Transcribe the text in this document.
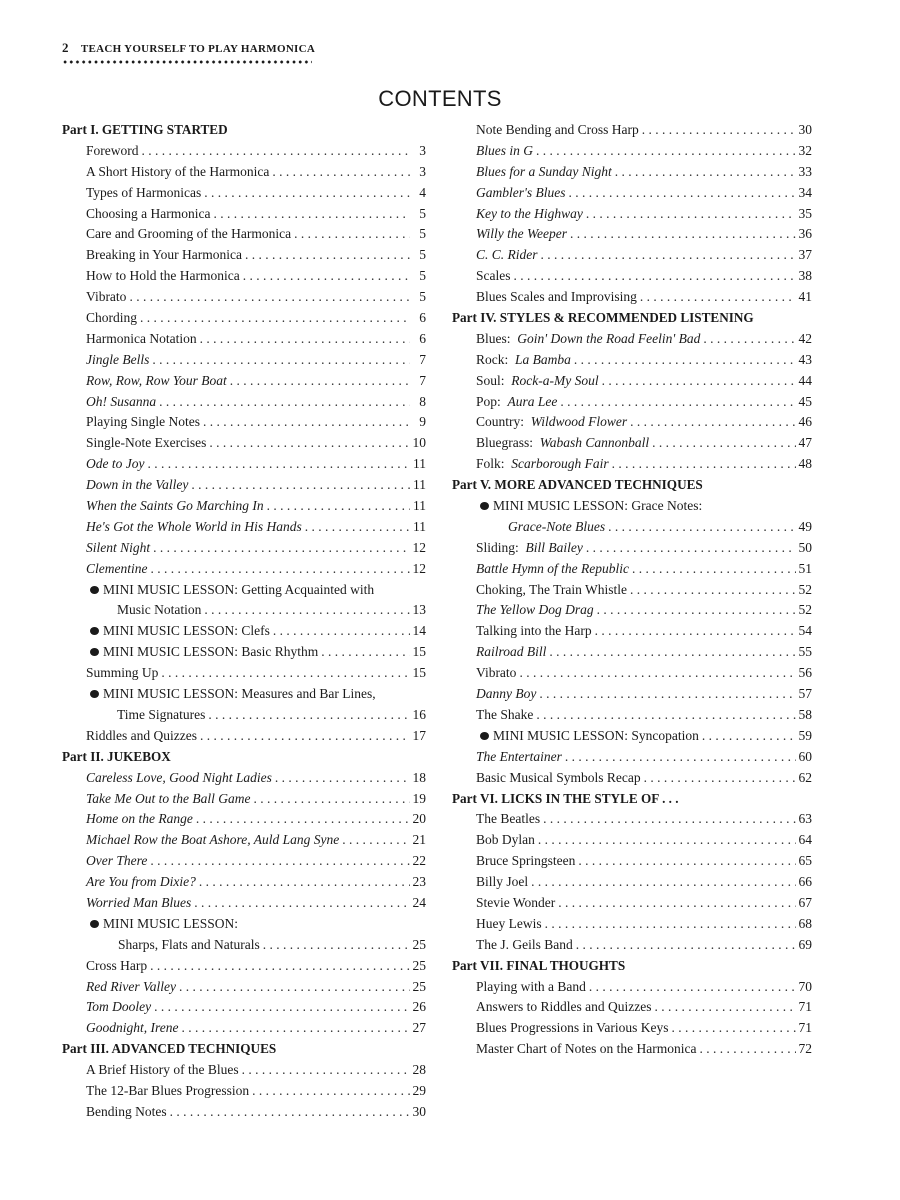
2 TEACH YOURSELF TO PLAY HARMONICA
CONTENTS
Part I. GETTING STARTED
Foreword . . .	3
A Short History of the Harmonica . . .	3
Types of Harmonicas . . .	4
Choosing a Harmonica . . .	5
Care and Grooming of the Harmonica . . .	5
Breaking in Your Harmonica . . .	5
How to Hold the Harmonica . . .	5
Vibrato . . .	5
Chording . . .	6
Harmonica Notation . . .	6
Jingle Bells . . .	7
Row, Row, Row Your Boat . . .	7
Oh! Susanna . . .	8
Playing Single Notes . . .	9
Single-Note Exercises . . .	10
Ode to Joy . . .	11
Down in the Valley . . .	11
When the Saints Go Marching In . . .	11
He's Got the Whole World in His Hands . . .	11
Silent Night . . .	12
Clementine . . .	12
MINI MUSIC LESSON: Getting Acquainted with
Music Notation . . .	13
MINI MUSIC LESSON: Clefs . . .	14
MINI MUSIC LESSON: Basic Rhythm . . .	15
Summing Up . . .	15
MINI MUSIC LESSON: Measures and Bar Lines,
Time Signatures . . .	16
Riddles and Quizzes . . .	17
Part II. JUKEBOX
Careless Love, Good Night Ladies . . .	18
Take Me Out to the Ball Game . . .	19
Home on the Range . . .	20
Michael Row the Boat Ashore, Auld Lang Syne . . .	21
Over There . . .	22
Are You from Dixie? . . .	23
Worried Man Blues . . .	24
MINI MUSIC LESSON:
Sharps, Flats and Naturals . . .	25
Cross Harp . . .	25
Red River Valley . . .	25
Tom Dooley . . .	26
Goodnight, Irene . . .	27
Part III. ADVANCED TECHNIQUES
A Brief History of the Blues . . .	28
The 12-Bar Blues Progression . . .	29
Bending Notes . . .	30
Note Bending and Cross Harp . . .	30
Blues in G . . .	32
Blues for a Sunday Night . . .	33
Gambler's Blues . . .	34
Key to the Highway . . .	35
Willy the Weeper . . .	36
C. C. Rider . . .	37
Scales . . .	38
Blues Scales and Improvising . . .	41
Part IV. STYLES & RECOMMENDED LISTENING
Blues: Goin' Down the Road Feelin' Bad . . .	42
Rock: La Bamba . . .	43
Soul: Rock-a-My Soul . . .	44
Pop: Aura Lee . . .	45
Country: Wildwood Flower . . .	46
Bluegrass: Wabash Cannonball . . .	47
Folk: Scarborough Fair . . .	48
Part V. MORE ADVANCED TECHNIQUES
MINI MUSIC LESSON: Grace Notes:
Grace-Note Blues . . .	49
Sliding: Bill Bailey . . .	50
Battle Hymn of the Republic . . .	51
Choking, The Train Whistle . . .	52
The Yellow Dog Drag . . .	52
Talking into the Harp . . .	54
Railroad Bill . . .	55
Vibrato . . .	56
Danny Boy . . .	57
The Shake . . .	58
MINI MUSIC LESSON: Syncopation . . .	59
The Entertainer . . .	60
Basic Musical Symbols Recap . . .	62
Part VI. LICKS IN THE STYLE OF . . .
The Beatles . . .	63
Bob Dylan . . .	64
Bruce Springsteen . . .	65
Billy Joel . . .	66
Stevie Wonder . . .	67
Huey Lewis . . .	68
The J. Geils Band . . .	69
Part VII. FINAL THOUGHTS
Playing with a Band . . .	70
Answers to Riddles and Quizzes . . .	71
Blues Progressions in Various Keys . . .	71
Master Chart of Notes on the Harmonica . . .	72
